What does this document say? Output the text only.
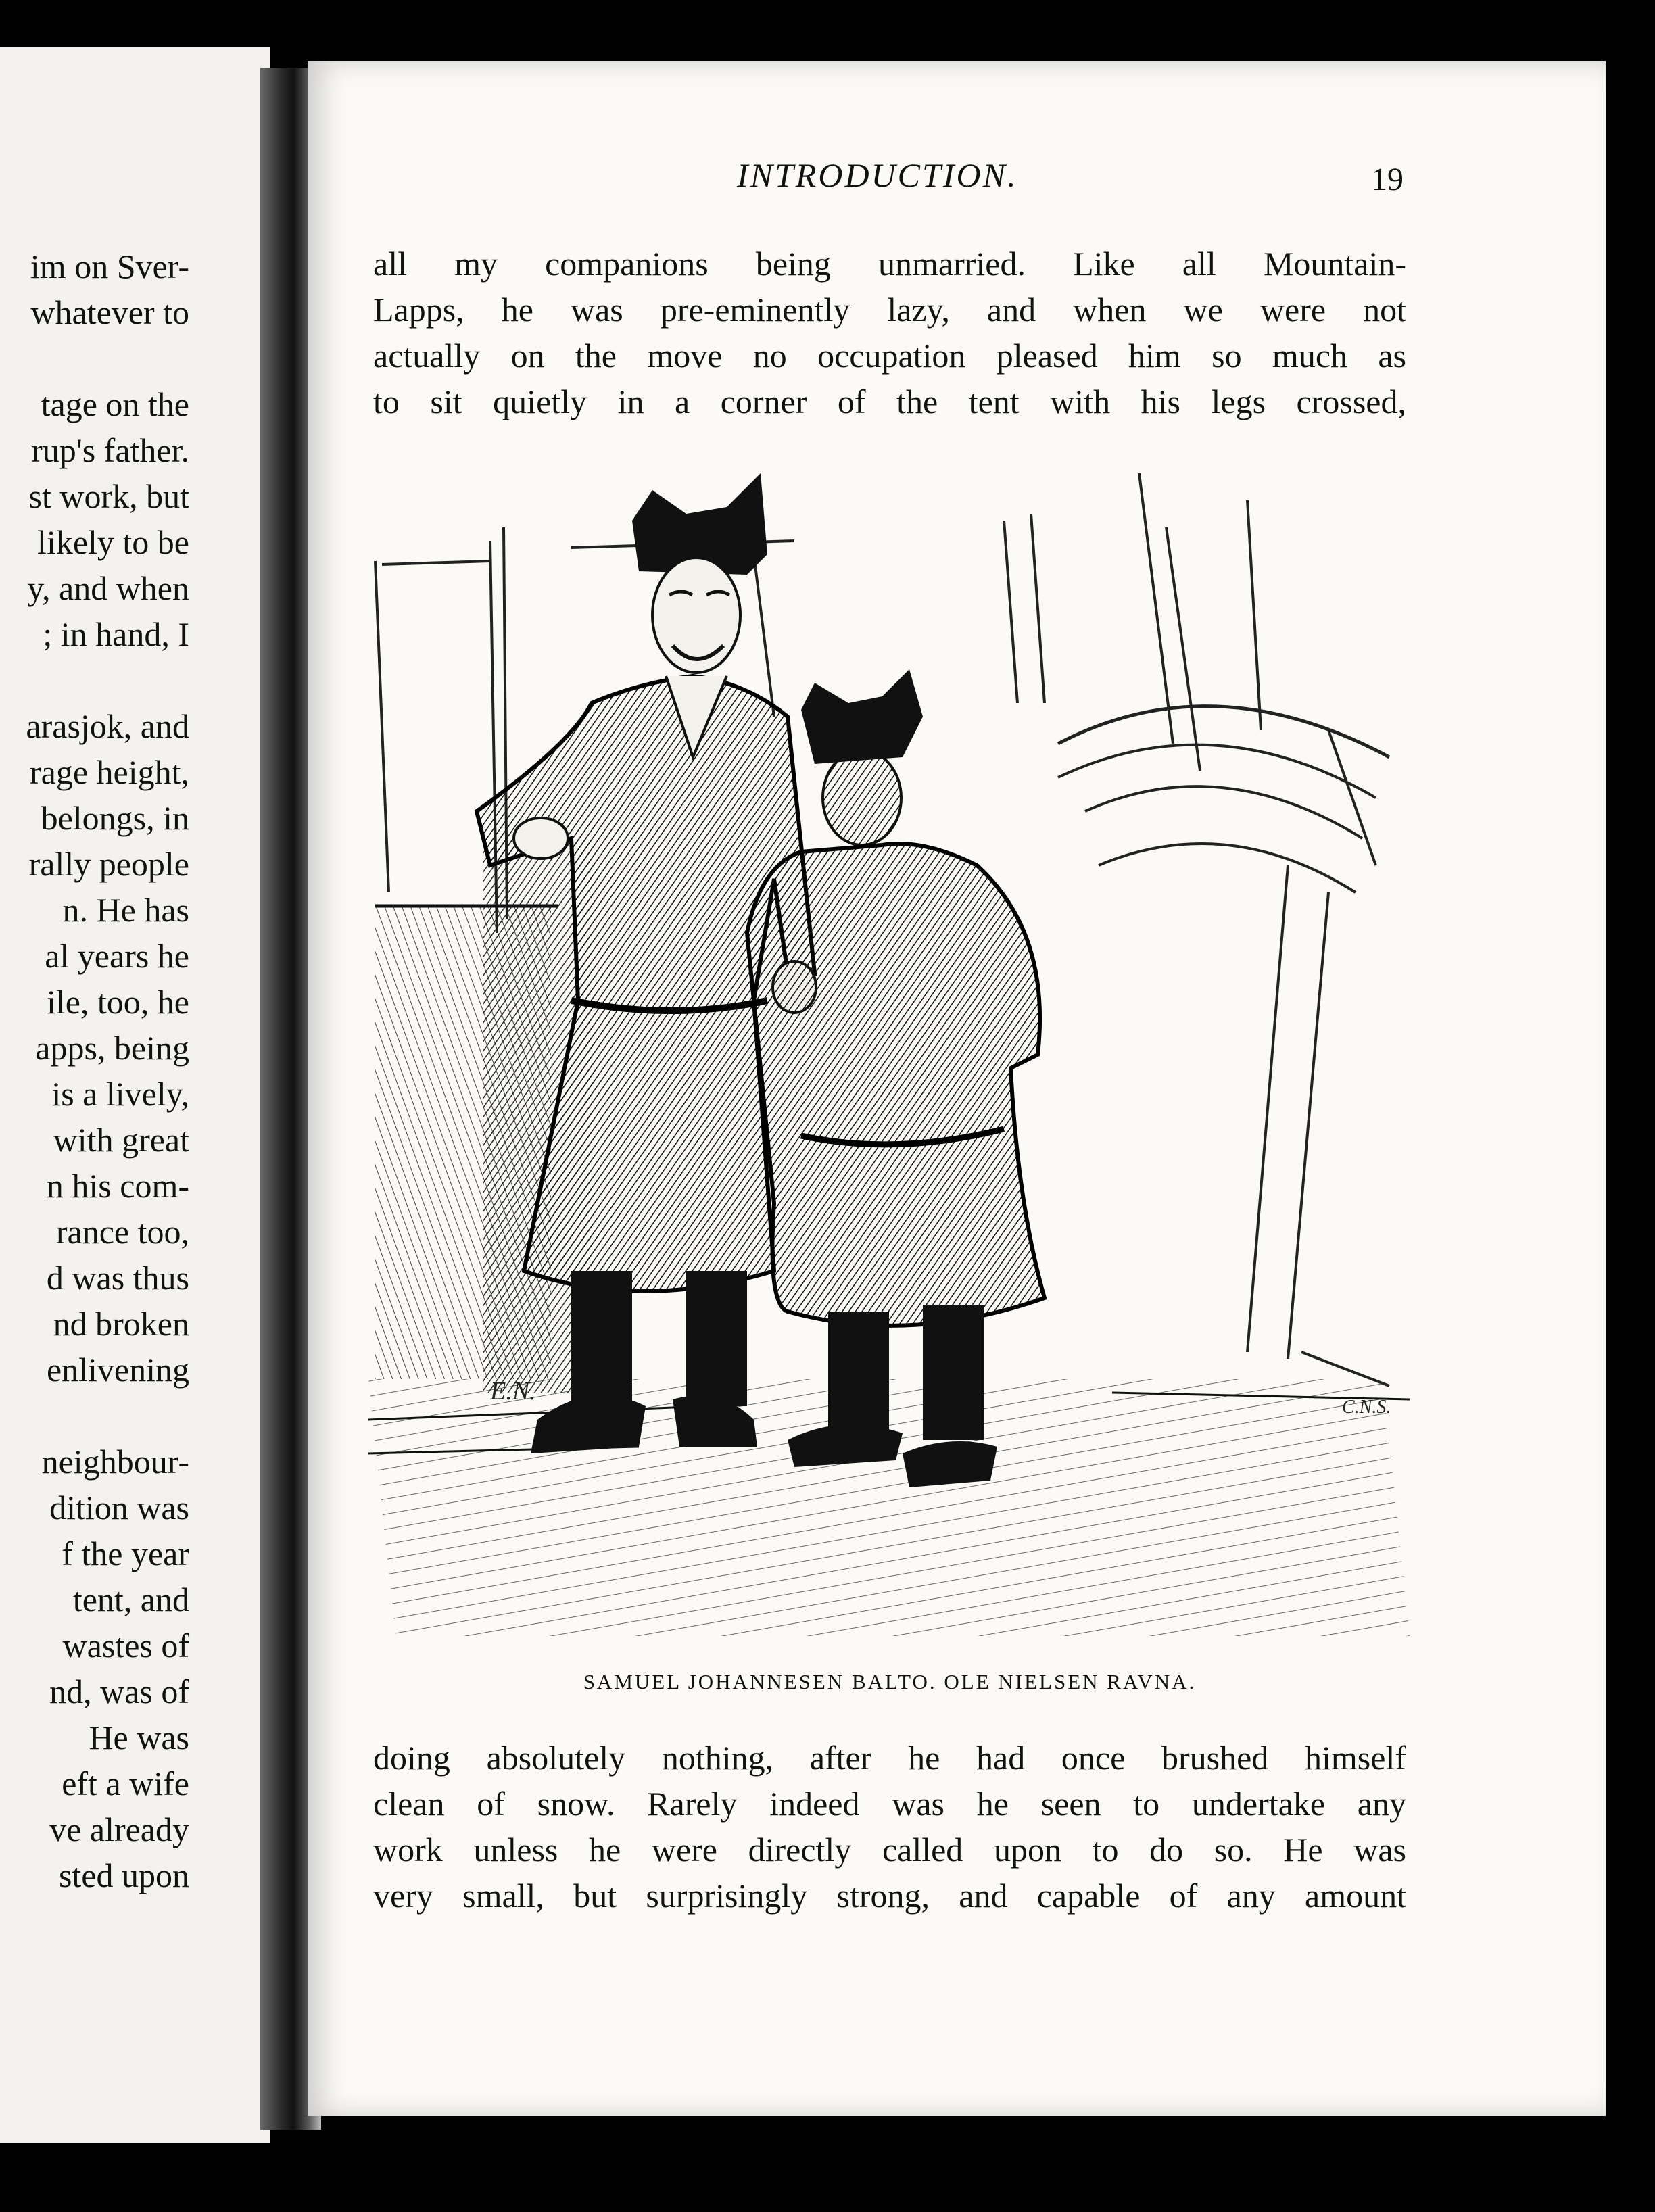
im on Sver-
whatever to
tage on the
rup's father.
st work, but
likely to be
y, and when
; in hand, I
arasjok, and
rage height,
belongs, in
rally people
n. He has
al years he
ile, too, he
apps, being
is a lively,
with great
n his com-
rance too,
d was thus
nd broken
enlivening
neighbour-
dition was
f the year
tent, and
wastes of
nd, was of
He was
eft a wife
ve already
sted upon
INTRODUCTION.	19

all my companions being unmarried. Like all Mountain-

Lapps, he was pre-eminently lazy, and when we were not

actually on the move no occupation pleased him so much as

to sit quietly in a corner of the tent with his legs crossed,

E.N.
C.N.S.
SAMUEL JOHANNESEN BALTO. OLE NIELSEN RAVNA.

doing absolutely nothing, after he had once brushed himself

clean of snow. Rarely indeed was he seen to undertake any

work unless he were directly called upon to do so. He was

very small, but surprisingly strong, and capable of any amount
